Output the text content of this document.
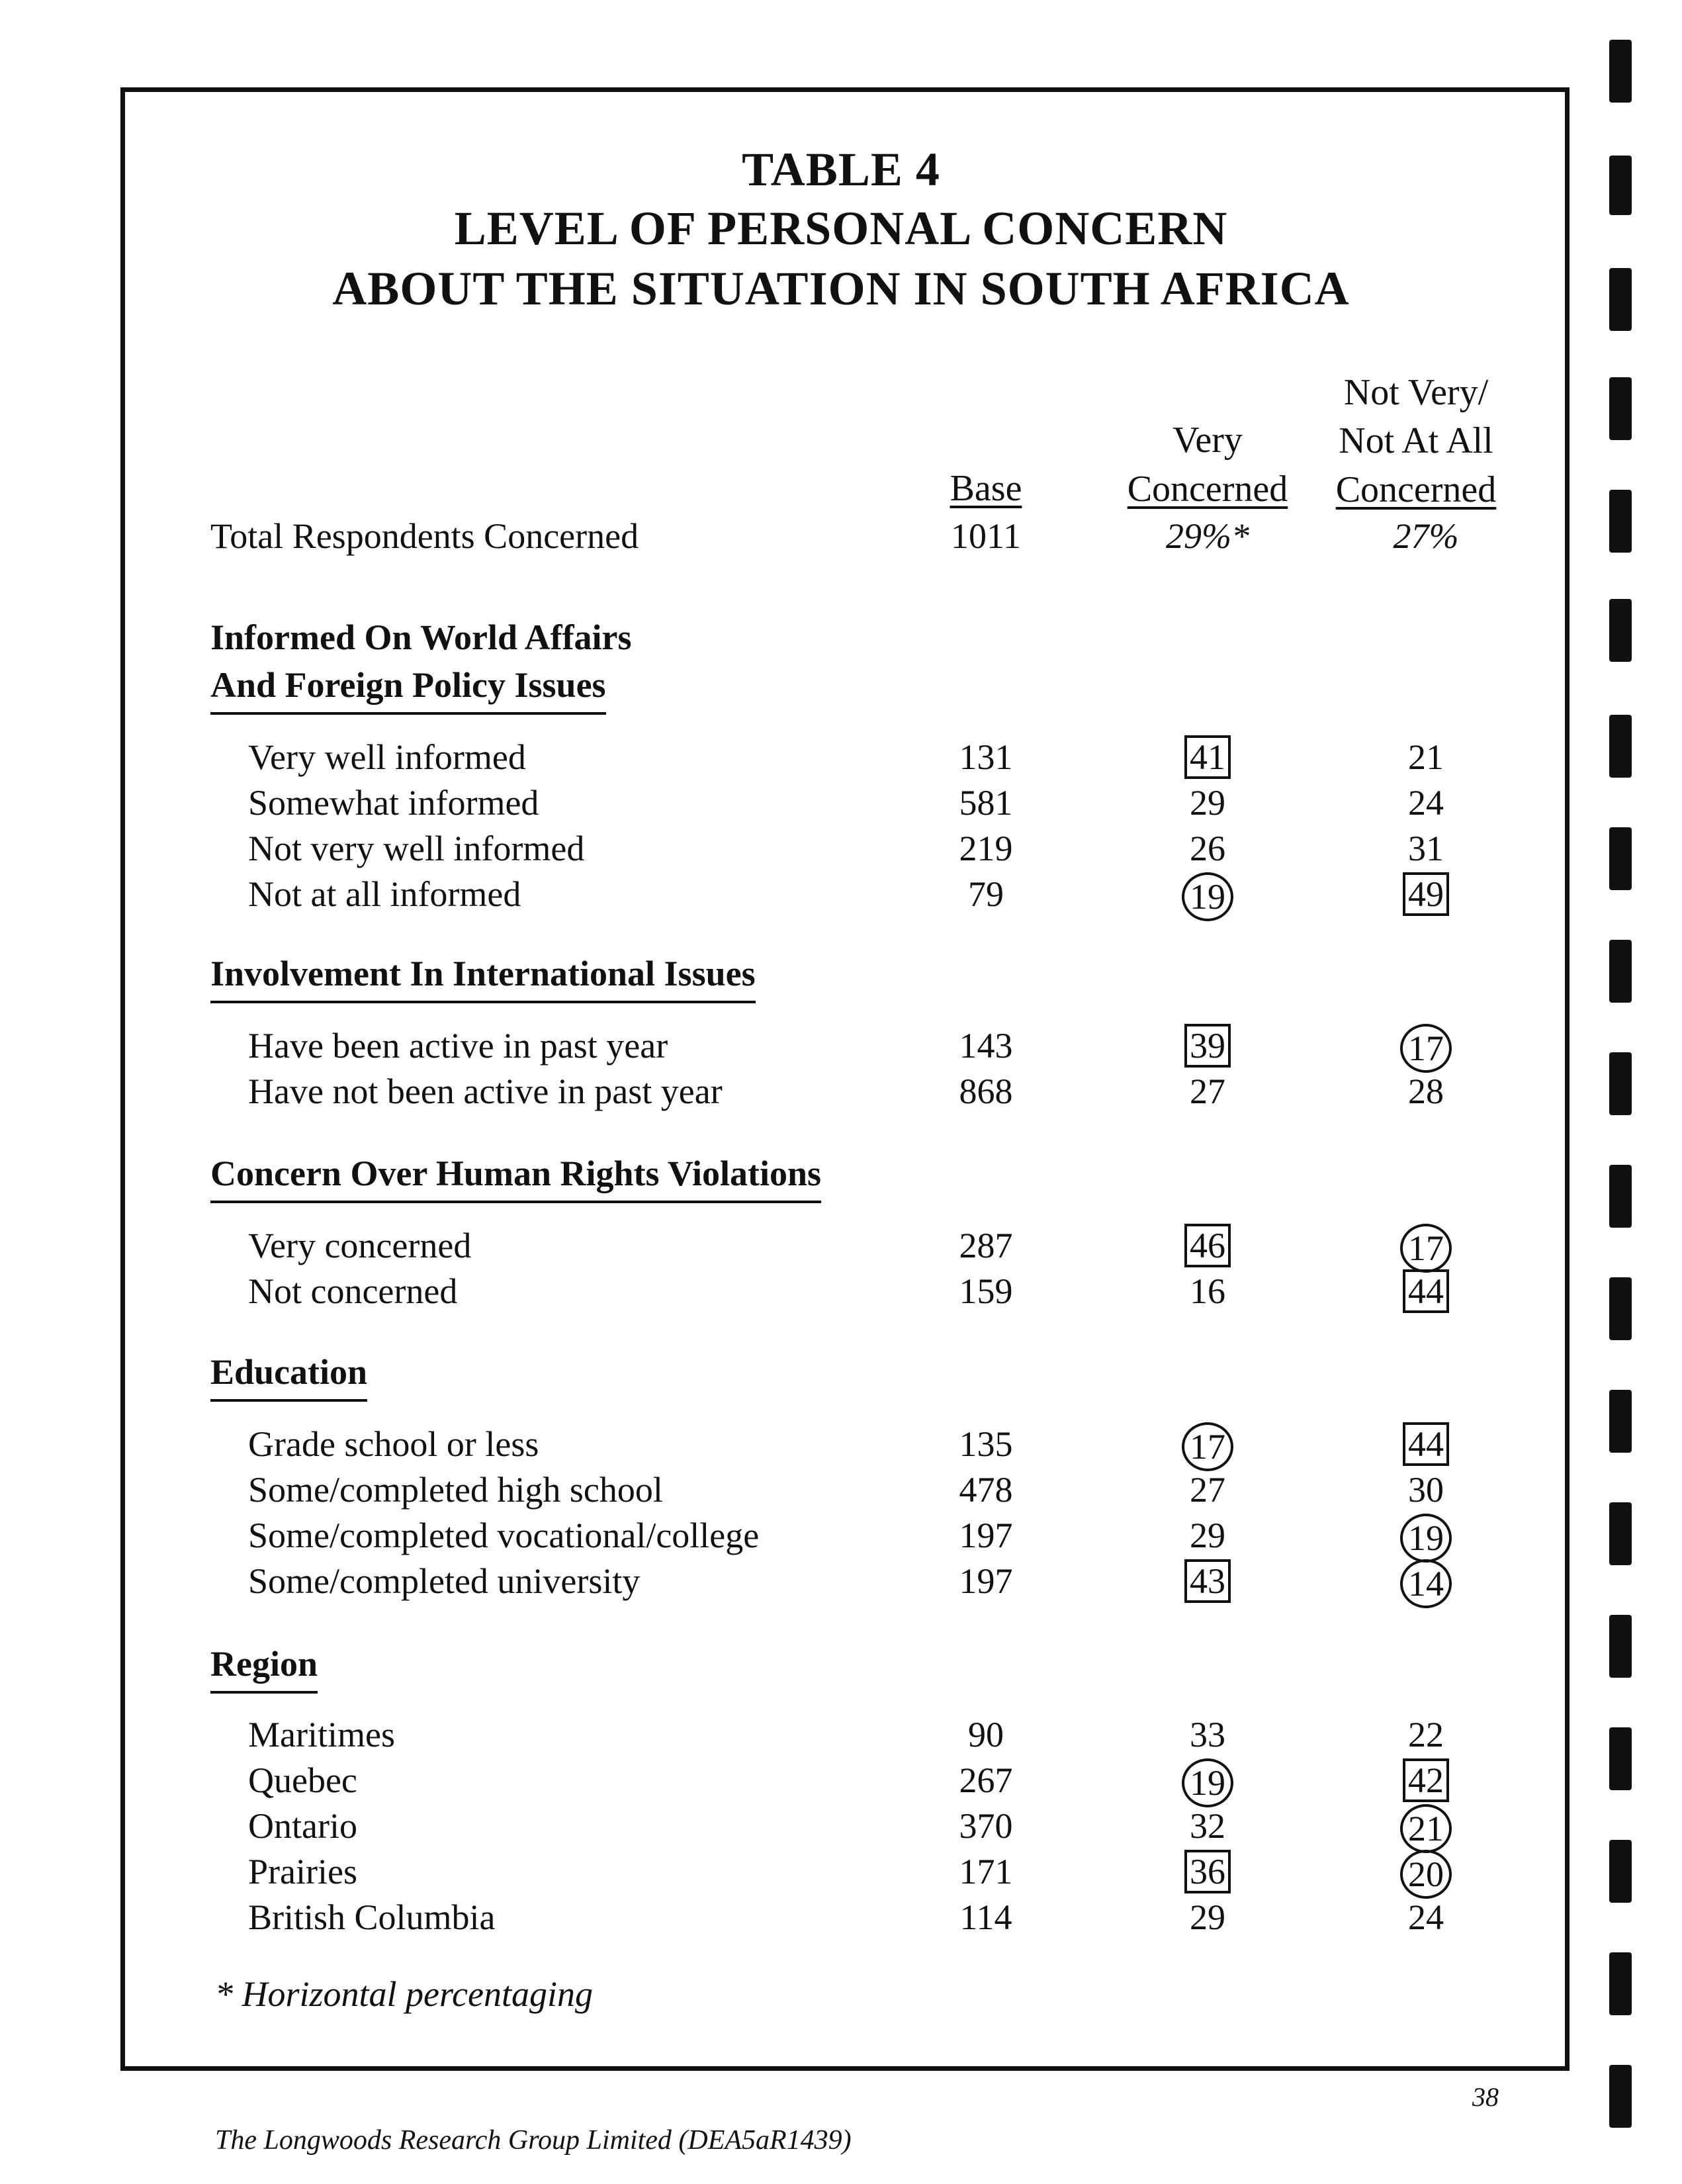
TABLE 4
LEVEL OF PERSONAL CONCERN
ABOUT THE SITUATION IN SOUTH AFRICA
Base
Very
Concerned
Not Very/
Not At All
Concerned
Total Respondents Concerned	1011	29%*	27%
Informed On World Affairs
And Foreign Policy Issues
Very well informed	131	41	21
Somewhat informed	581	29	24
Not very well informed	219	26	31
Not at all informed	79	19	49
Involvement In International Issues
Have been active in past year	143	39	17
Have not been active in past year	868	27	28
Concern Over Human Rights Violations
Very concerned	287	46	17
Not concerned	159	16	44
Education
Grade school or less	135	17	44
Some/completed high school	478	27	30
Some/completed vocational/college	197	29	19
Some/completed university	197	43	14
Region
Maritimes	90	33	22
Quebec	267	19	42
Ontario	370	32	21
Prairies	171	36	20
British Columbia	114	29	24
* Horizontal percentaging
38
The Longwoods Research Group Limited (DEA5aR1439)
